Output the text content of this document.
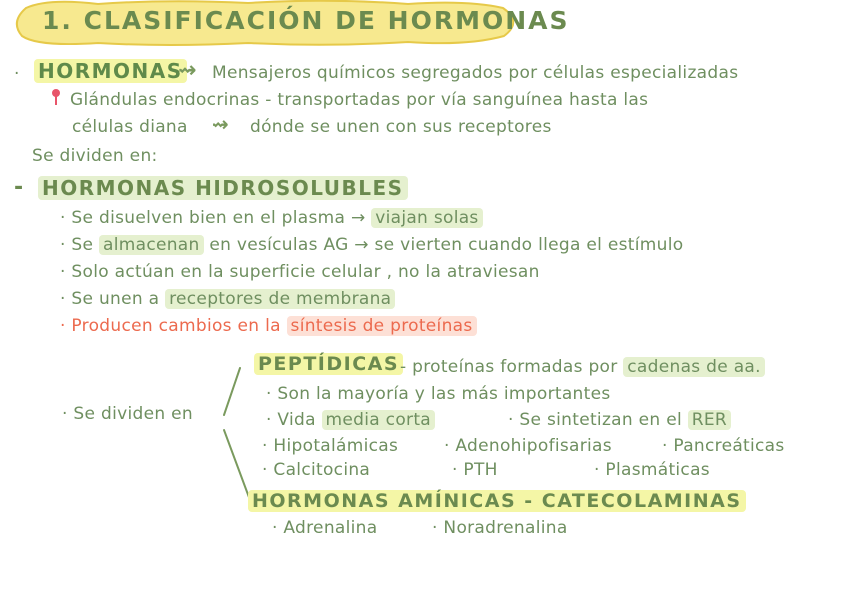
1. CLASIFICACIÓN DE HORMONAS
· HORMONAS
⇝ Mensajeros químicos segregados por células especializadas
Glándulas endocrinas - transportadas por vía sanguínea hasta las
células diana ⇝ dónde se unen con sus receptores
Se dividen en:
- HORMONAS HIDROSOLUBLES
· Se disuelven bien en el plasma → viajan solas
· Se almacenan en vesículas AG → se vierten cuando llega el estímulo
· Solo actúan en la superficie celular , no la atraviesan
· Se unen a receptores de membrana
· Producen cambios en la síntesis de proteínas
· Se dividen en
PEPTÍDICAS - proteínas formadas por cadenas de aa.
· Son la mayoría y las más importantes
· Vida media corta	· Se sintetizan en el RER
· Hipotalámicas	· Adenohipofisarias	· Pancreáticas
· Calcitocina	· PTH	· Plasmáticas
HORMONAS AMÍNICAS - CATECOLAMINAS
· Adrenalina	· Noradrenalina
